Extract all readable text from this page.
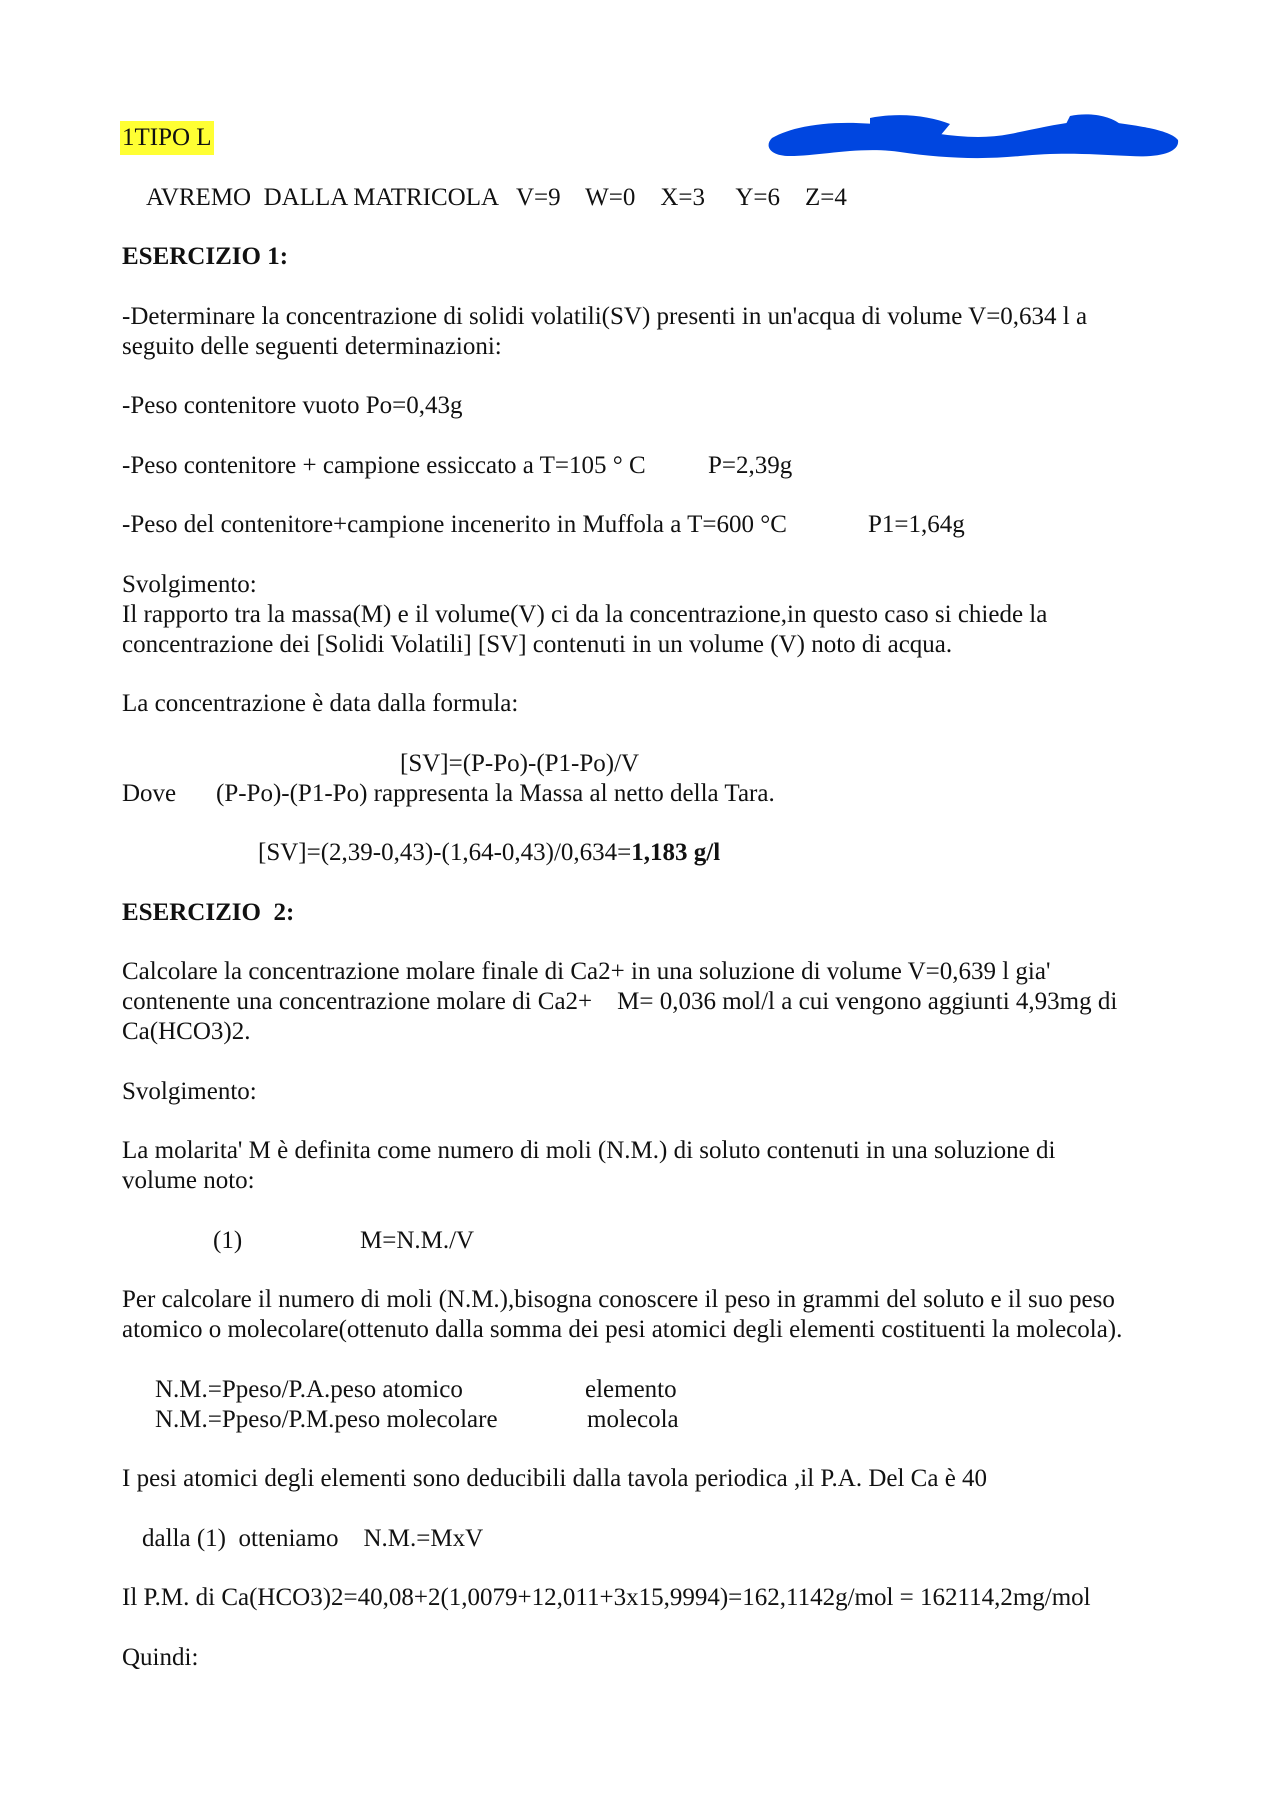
1TIPO L
AVREMO  DALLA MATRICOLA   V=9    W=0    X=3     Y=6    Z=4
ESERCIZIO 1:
-Determinare la concentrazione di solidi volatili(SV) presenti in un'acqua di volume V=0,634 l a
seguito delle seguenti determinazioni:
-Peso contenitore vuoto Po=0,43g
-Peso contenitore + campione essiccato a T=105 ° C P=2,39g
-Peso del contenitore+campione incenerito in Muffola a T=600 °C	P1=1,64g
Svolgimento:
Il rapporto tra la massa(M) e il volume(V) ci da la concentrazione,in questo caso si chiede la
concentrazione dei [Solidi Volatili] [SV] contenuti in un volume (V) noto di acqua.
La concentrazione è data dalla formula:
[SV]=(P-Po)-(P1-Po)/V
Dove (P-Po)-(P1-Po) rappresenta la Massa al netto della Tara.
[SV]=(2,39-0,43)-(1,64-0,43)/0,634=1,183 g/l
ESERCIZIO  2:
Calcolare la concentrazione molare finale di Ca2+ in una soluzione di volume V=0,639 l gia'
contenente una concentrazione molare di Ca2+    M= 0,036 mol/l a cui vengono aggiunti 4,93mg di
Ca(HCO3)2.
Svolgimento:
La molarita' M è definita come numero di moli (N.M.) di soluto contenuti in una soluzione di
volume noto:
(1)	M=N.M./V
Per calcolare il numero di moli (N.M.),bisogna conoscere il peso in grammi del soluto e il suo peso
atomico o molecolare(ottenuto dalla somma dei pesi atomici degli elementi costituenti la molecola).
N.M.=Ppeso/P.A.peso atomico	elemento
N.M.=Ppeso/P.M.peso molecolare	molecola
I pesi atomici degli elementi sono deducibili dalla tavola periodica ,il P.A. Del Ca è 40
dalla (1)  otteniamo    N.M.=MxV
Il P.M. di Ca(HCO3)2=40,08+2(1,0079+12,011+3x15,9994)=162,1142g/mol = 162114,2mg/mol
Quindi:
